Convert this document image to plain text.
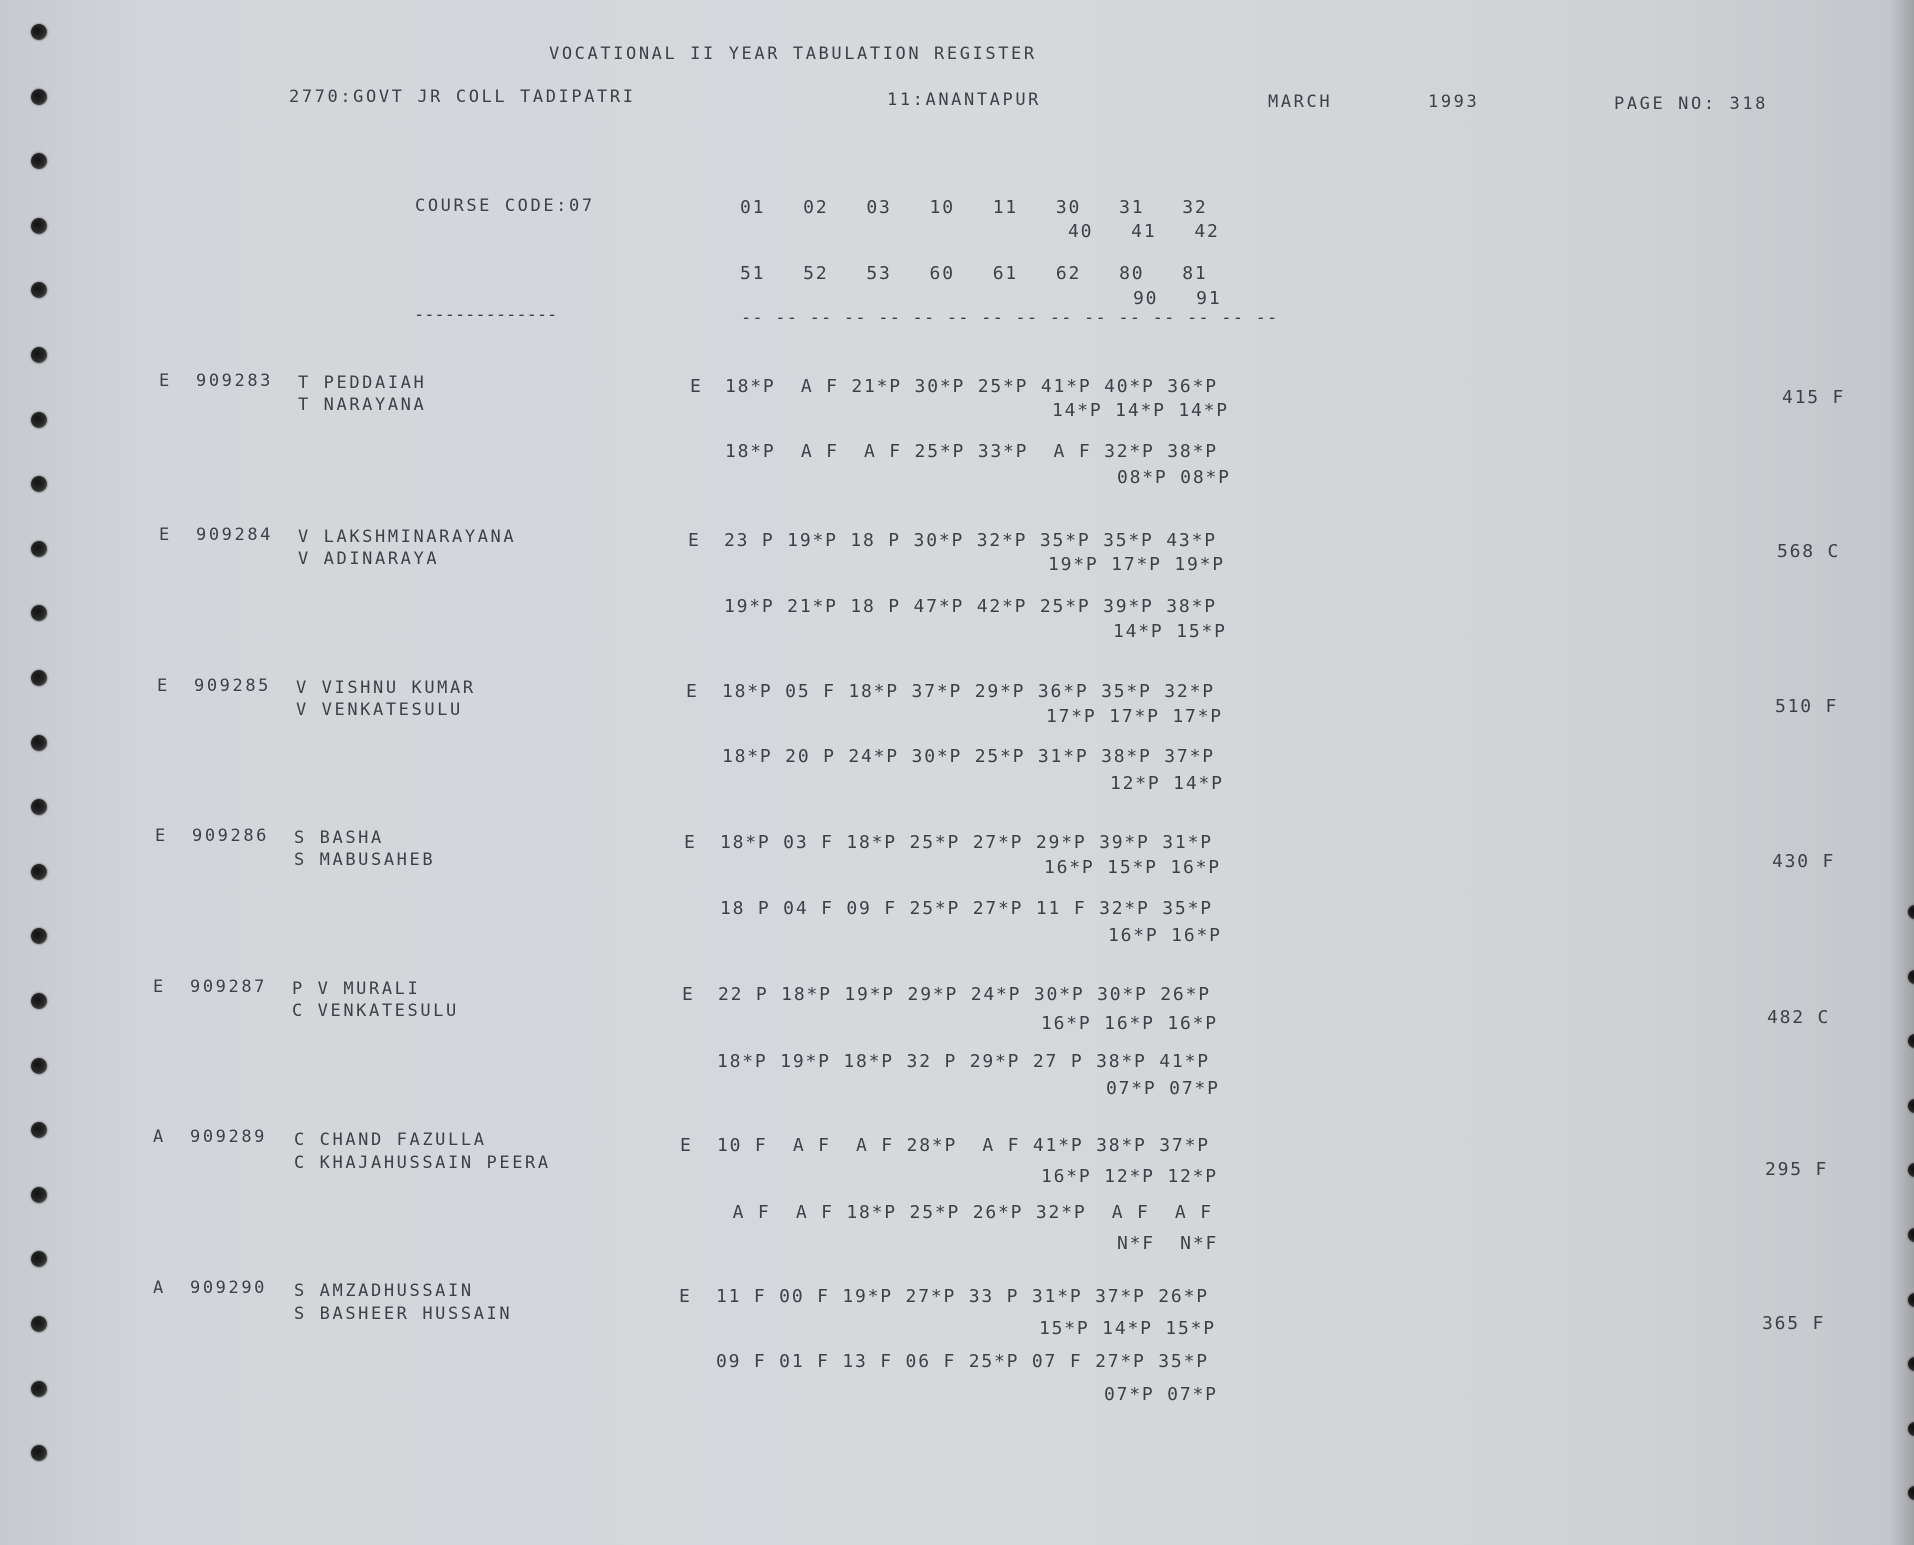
VOCATIONAL II YEAR TABULATION REGISTER
2770:GOVT JR COLL TADIPATRI	11:ANANTAPUR	MARCH	1993	PAGE NO: 318
COURSE CODE:07	01   02   03   10   11   30   31   32
40   41   42
51   52   53   60   61   62   80   81
90   91
--------------	-- -- -- -- -- -- -- -- -- -- -- -- -- -- -- --
E 909283 T PEDDAIAH
T NARAYANA
E 18*P  A F 21*P 30*P 25*P 41*P 40*P 36*P
14*P 14*P 14*P
18*P  A F  A F 25*P 33*P  A F 32*P 38*P
08*P 08*P
415 F
E 909284 V LAKSHMINARAYANA
V ADINARAYA
E 23 P 19*P 18 P 30*P 32*P 35*P 35*P 43*P
19*P 17*P 19*P
19*P 21*P 18 P 47*P 42*P 25*P 39*P 38*P
14*P 15*P
568 C
E 909285 V VISHNU KUMAR
V VENKATESULU
E 18*P 05 F 18*P 37*P 29*P 36*P 35*P 32*P
17*P 17*P 17*P
18*P 20 P 24*P 30*P 25*P 31*P 38*P 37*P
12*P 14*P
510 F
E 909286 S BASHA
S MABUSAHEB
E 18*P 03 F 18*P 25*P 27*P 29*P 39*P 31*P
16*P 15*P 16*P
18 P 04 F 09 F 25*P 27*P 11 F 32*P 35*P
16*P 16*P
430 F
E 909287 P V MURALI
C VENKATESULU
E 22 P 18*P 19*P 29*P 24*P 30*P 30*P 26*P
16*P 16*P 16*P
18*P 19*P 18*P 32 P 29*P 27 P 38*P 41*P
07*P 07*P
482 C
A 909289 C CHAND FAZULLA
C KHAJAHUSSAIN PEERA
E 10 F  A F  A F 28*P  A F 41*P 38*P 37*P
16*P 12*P 12*P
A F  A F 18*P 25*P 26*P 32*P  A F  A F
N*F  N*F
295 F
A 909290 S AMZADHUSSAIN
S BASHEER HUSSAIN
E 11 F 00 F 19*P 27*P 33 P 31*P 37*P 26*P
15*P 14*P 15*P
09 F 01 F 13 F 06 F 25*P 07 F 27*P 35*P
07*P 07*P
365 F
